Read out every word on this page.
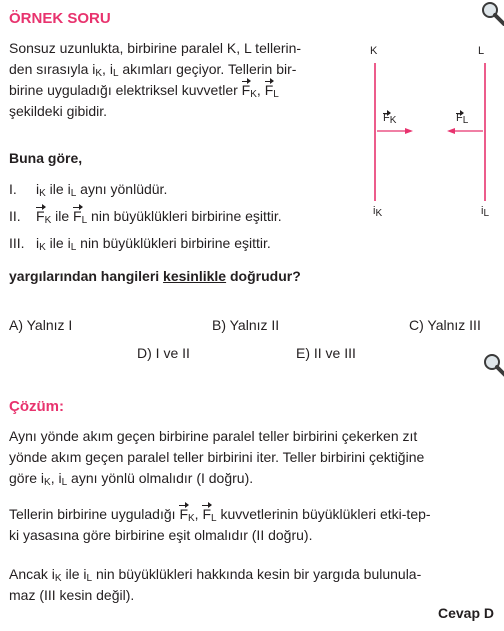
ÖRNEK SORU

Sonsuz uzunlukta, birbirine paralel K, L tellerin-

den sırasıyla $i_K$, $i_L$ akımları geçiyor. Tellerin bir-

birine uyguladığı elektriksel kuvvetler $F_K$, $F_L$

şekildeki gibidir.

Buna göre,
I. $i_K$ ile $i_L$ aynı yönlüdür.
II. $F_K$ ile $F_L$ nin büyüklükleri birbirine eşittir.
III. $i_K$ ile $i_L$ nin büyüklükleri birbirine eşittir.
yargılarından hangileri kesinlikle doğrudur?
A) Yalnız I	B) Yalnız II	C) Yalnız III
D) I ve II	E) II ve III
K	L
$F_K$	$F_L$
$i_K$	$i_L$
Çözüm:

Aynı yönde akım geçen birbirine paralel teller birbirini çekerken zıt

yönde akım geçen paralel teller birbirini iter. Teller birbirini çektiğine

göre $i_K$, $i_L$ aynı yönlü olmalıdır (I doğru).

Tellerin birbirine uyguladığı $F_K$, $F_L$ kuvvetlerinin büyüklükleri etki-tep-

ki yasasına göre birbirine eşit olmalıdır (II doğru).

Ancak $i_K$ ile $i_L$ nin büyüklükleri hakkında kesin bir yargıda bulunula-

maz (III kesin değil).

Cevap D
